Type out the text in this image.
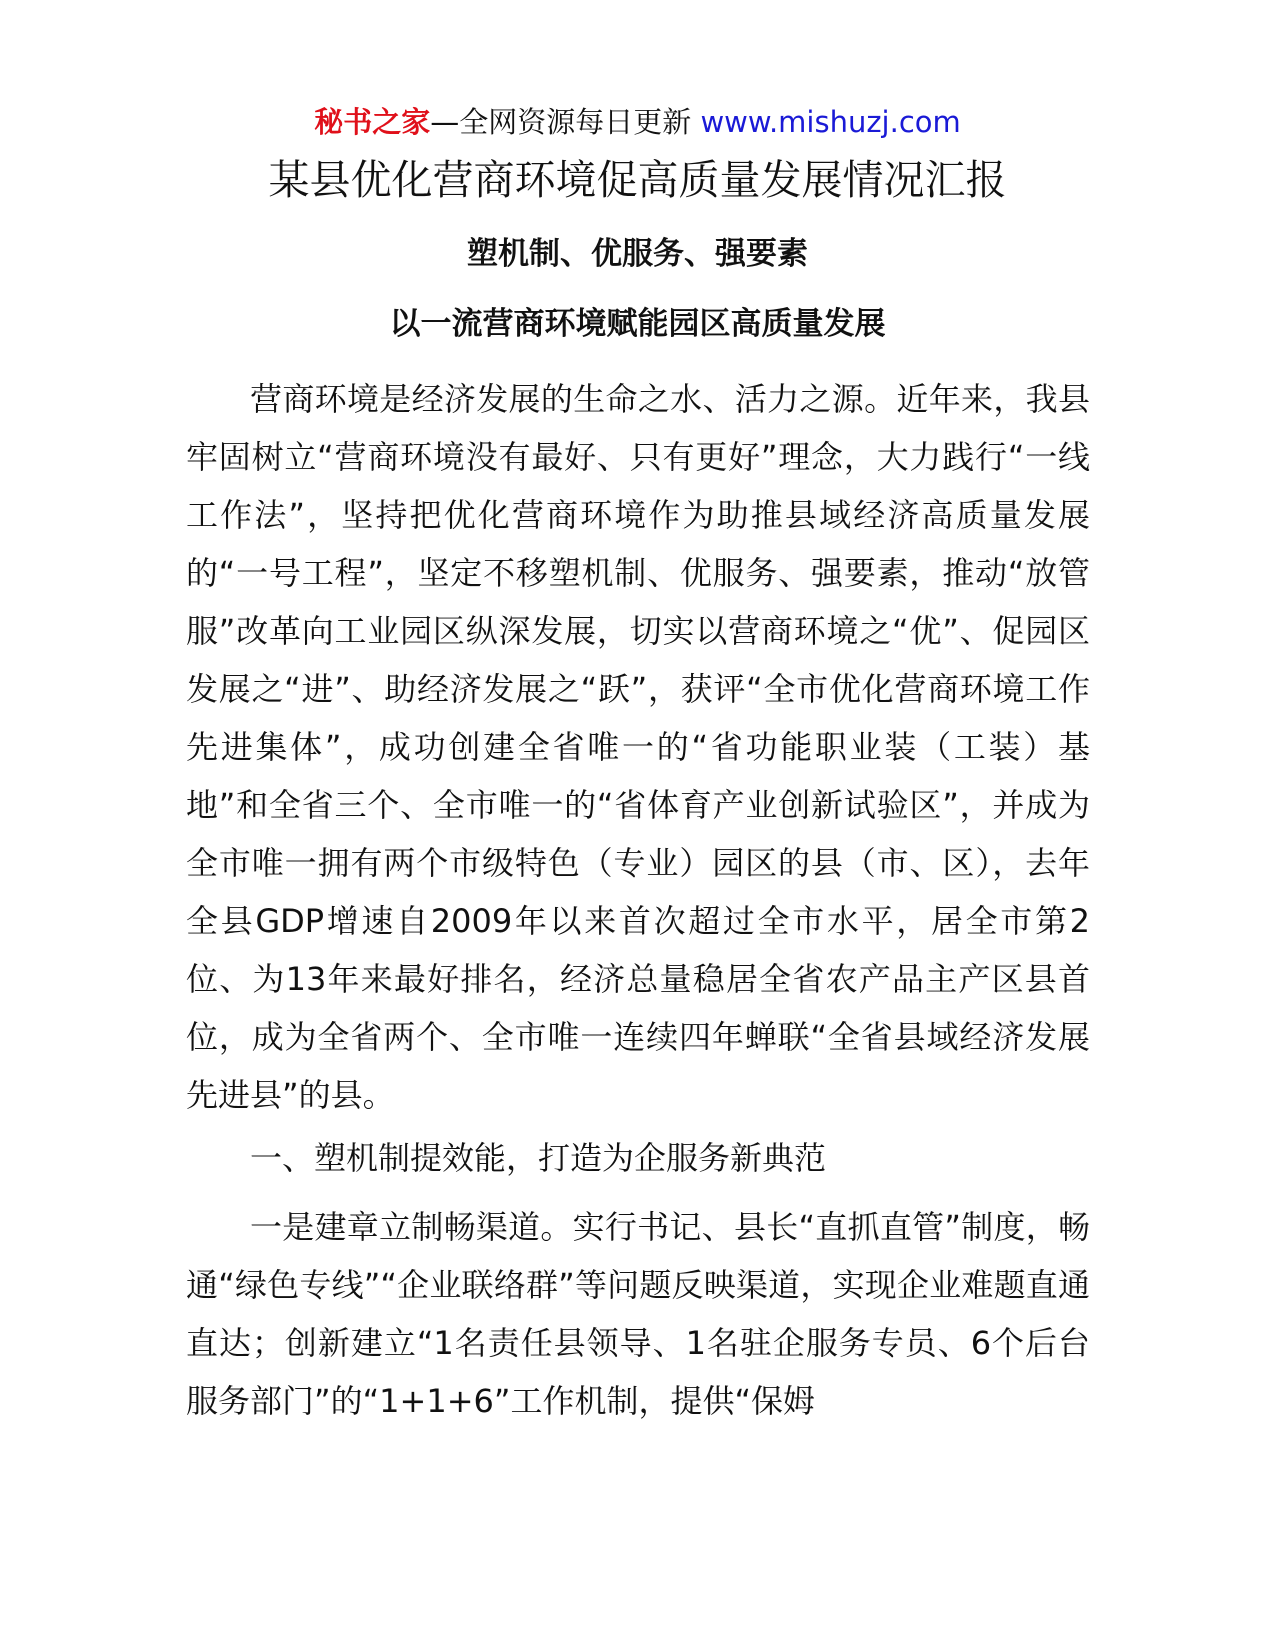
秘书之家—全网资源每日更新 www.mishuzj.com
某县优化营商环境促高质量发展情况汇报
塑机制、优服务、强要素
以一流营商环境赋能园区高质量发展

营商环境是经济发展的生命之水、活力之源。近年来，我县牢固树立“营商环境没有最好、只有更好”理念，大力践行“一线工作法”，坚持把优化营商环境作为助推县域经济高质量发展的“一号工程”，坚定不移塑机制、优服务、强要素，推动“放管服”改革向工业园区纵深发展，切实以营商环境之“优”、促园区发展之“进”、助经济发展之“跃”，获评“全市优化营商环境工作先进集体”，成功创建全省唯一的“省功能职业装（工装）基地”和全省三个、全市唯一的“省体育产业创新试验区”，并成为全市唯一拥有两个市级特色（专业）园区的县（市、区），去年全县GDP增速自2009年以来首次超过全市水平，居全市第2位、为13年来最好排名，经济总量稳居全省农产品主产区县首位，成为全省两个、全市唯一连续四年蝉联“全省县域经济发展先进县”的县。

一、塑机制提效能，打造为企服务新典范

一是建章立制畅渠道。实行书记、县长“直抓直管”制度，畅通“绿色专线”“企业联络群”等问题反映渠道，实现企业难题直通直达；创新建立“1名责任县领导、1名驻企服务专员、6个后台服务部门”的“1+1+6”工作机制，提供“保姆
